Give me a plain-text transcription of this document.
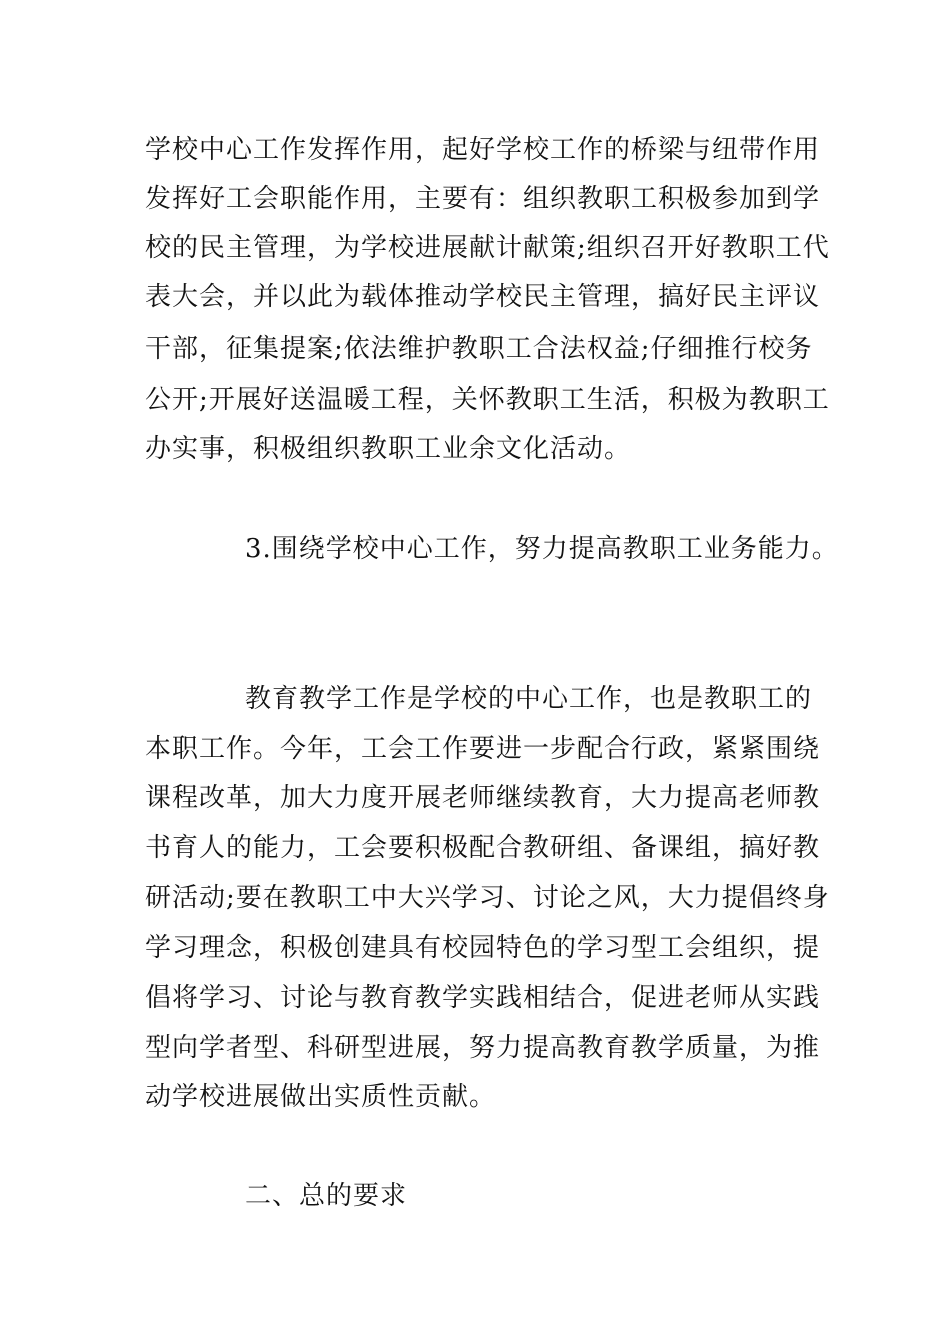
学校中心工作发挥作用，起好学校工作的桥梁与纽带作用
发挥好工会职能作用，主要有：组织教职工积极参加到学
校的民主管理，为学校进展献计献策;组织召开好教职工代
表大会，并以此为载体推动学校民主管理，搞好民主评议
干部，征集提案;依法维护教职工合法权益;仔细推行校务
公开;开展好送温暖工程，关怀教职工生活，积极为教职工
办实事，积极组织教职工业余文化活动。
3.围绕学校中心工作，努力提高教职工业务能力。
教育教学工作是学校的中心工作，也是教职工的
本职工作。今年，工会工作要进一步配合行政，紧紧围绕
课程改革，加大力度开展老师继续教育，大力提高老师教
书育人的能力，工会要积极配合教研组、备课组，搞好教
研活动;要在教职工中大兴学习、讨论之风，大力提倡终身
学习理念，积极创建具有校园特色的学习型工会组织，提
倡将学习、讨论与教育教学实践相结合，促进老师从实践
型向学者型、科研型进展，努力提高教育教学质量，为推
动学校进展做出实质性贡献。
二、总的要求
